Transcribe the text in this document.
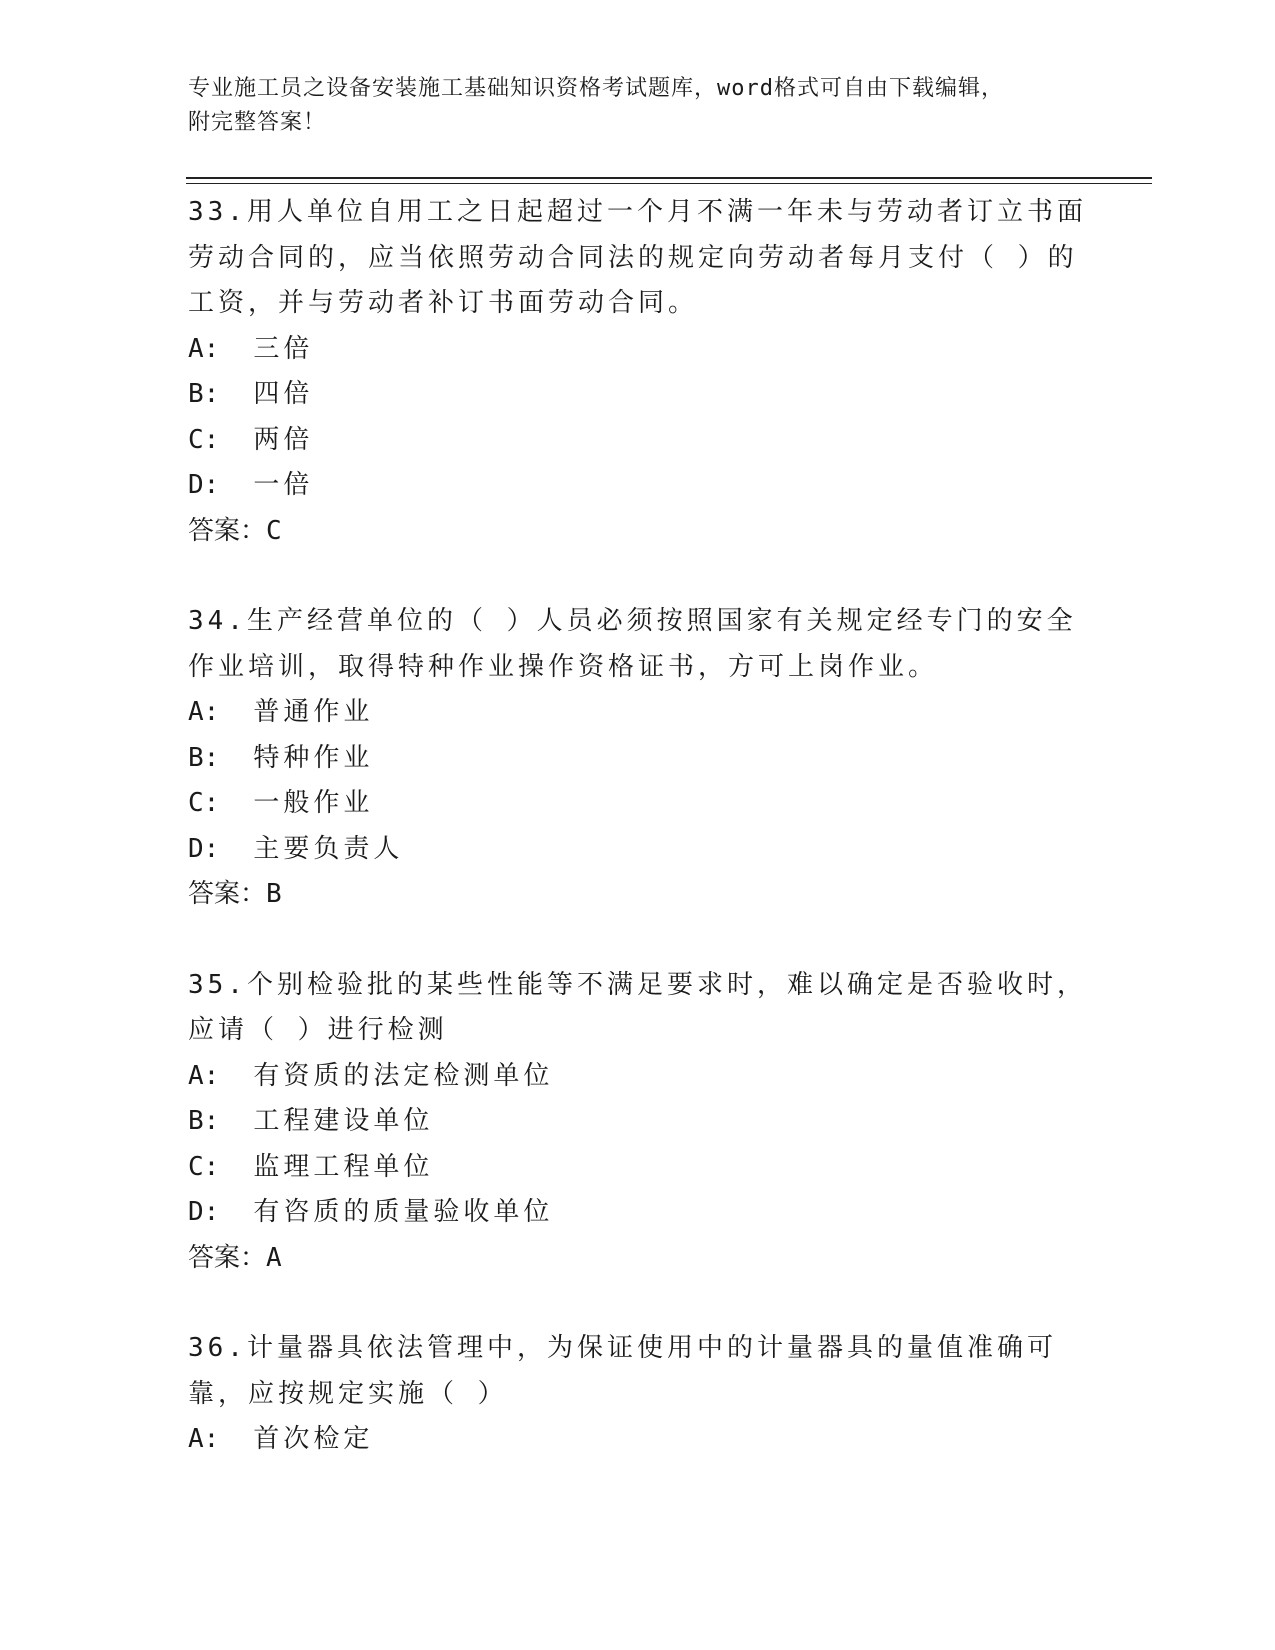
专业施工员之设备安装施工基础知识资格考试题库，word格式可自由下载编辑，
附完整答案！

33.用人单位自用工之日起超过一个月不满一年未与劳动者订立书面劳动合同的，应当依照劳动合同法的规定向劳动者每月支付（ ）的工资，并与劳动者补订书面劳动合同。

A: 三倍
B: 四倍
C: 两倍
D: 一倍
答案：C

34.生产经营单位的（ ）人员必须按照国家有关规定经专门的安全作业培训，取得特种作业操作资格证书，方可上岗作业。

A: 普通作业
B: 特种作业
C: 一般作业
D: 主要负责人
答案：B

35.个别检验批的某些性能等不满足要求时，难以确定是否验收时，应请（ ）进行检测

A: 有资质的法定检测单位
B: 工程建设单位
C: 监理工程单位
D: 有咨质的质量验收单位
答案：A

36.计量器具依法管理中，为保证使用中的计量器具的量值准确可靠，应按规定实施（ ）

A: 首次检定
